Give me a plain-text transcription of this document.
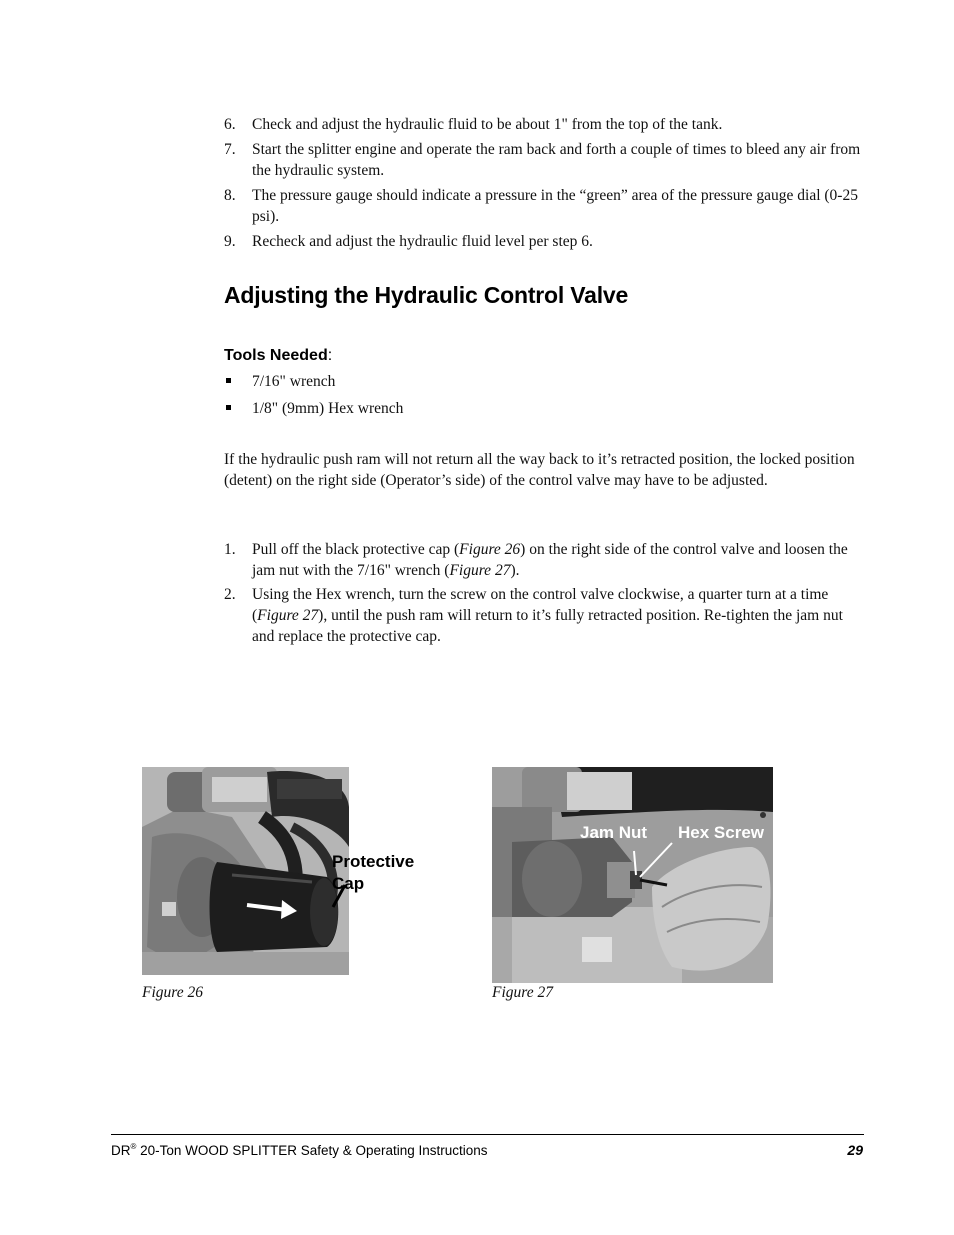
6. Check and adjust the hydraulic fluid to be about 1" from the top of the tank.
7. Start the splitter engine and operate the ram back and forth a couple of times to bleed any air from the hydraulic system.
8. The pressure gauge should indicate a pressure in the “green” area of the pressure gauge dial (0-25 psi).
9. Recheck and adjust the hydraulic fluid level per step 6.
Adjusting the Hydraulic Control Valve
Tools Needed:
7/16" wrench
1/8" (9mm) Hex wrench

If the hydraulic push ram will not return all the way back to it’s retracted position, the locked position (detent) on the right side (Operator’s side) of the control valve may have to be adjusted.

1. Pull off the black protective cap (Figure 26) on the right side of the control valve and loosen the jam nut with the 7/16" wrench (Figure 27).
2. Using the Hex wrench, turn the screw on the control valve clockwise, a quarter turn at a time (Figure 27), until the push ram will return to it’s fully retracted position. Re-tighten the jam nut and replace the protective cap.
Protective
Cap
Figure 26
Jam Nut Hex Screw
Figure 27
DR® 20-Ton WOOD SPLITTER Safety & Operating Instructions	29
